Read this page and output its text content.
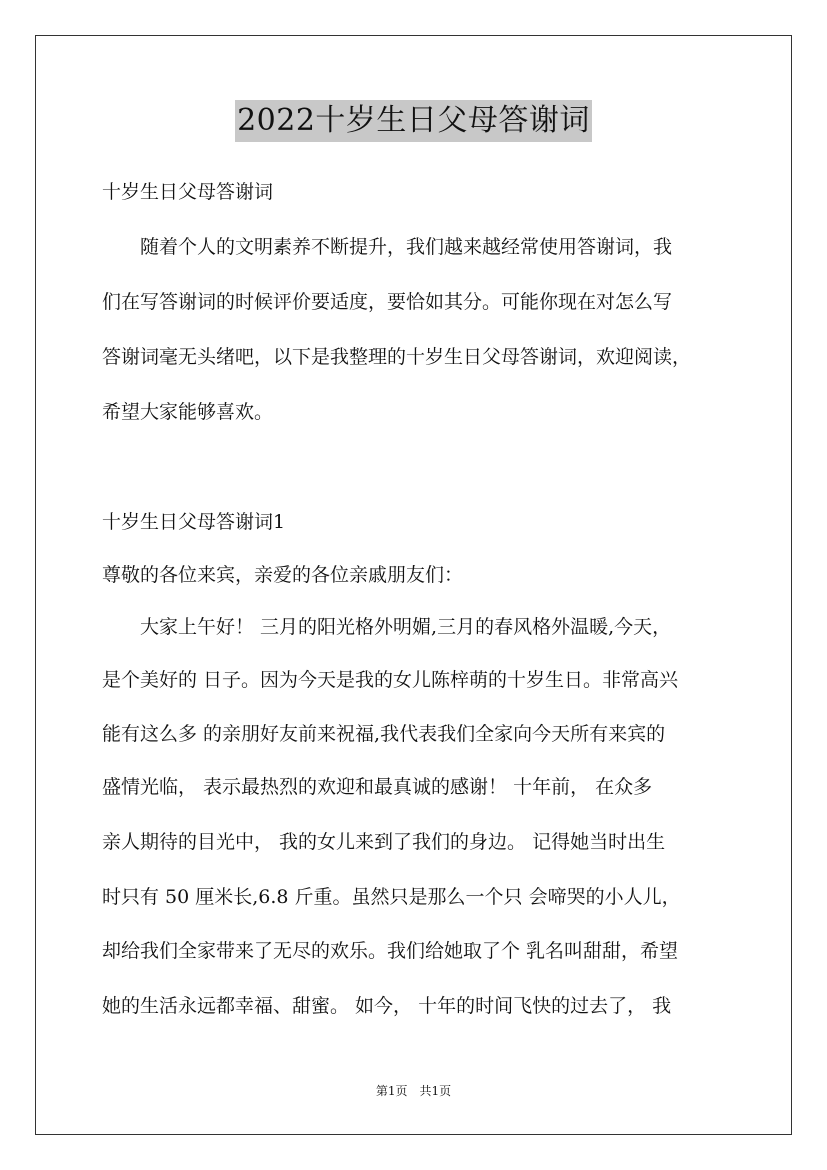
2022十岁生日父母答谢词
十岁生日父母答谢词
　　随着个人的文明素养不断提升，我们越来越经常使用答谢词，我
们在写答谢词的时候评价要适度，要恰如其分。可能你现在对怎么写
答谢词毫无头绪吧，以下是我整理的十岁生日父母答谢词，欢迎阅读，
希望大家能够喜欢。
十岁生日父母答谢词1
尊敬的各位来宾，亲爱的各位亲戚朋友们：
　　大家上午好！ 三月的阳光格外明媚,三月的春风格外温暖,今天，
是个美好的 日子。因为今天是我的女儿陈梓萌的十岁生日。非常高兴
能有这么多 的亲朋好友前来祝福,我代表我们全家向今天所有来宾的
盛情光临， 表示最热烈的欢迎和最真诚的感谢！ 十年前， 在众多
亲人期待的目光中， 我的女儿来到了我们的身边。 记得她当时出生
时只有 50 厘米长,6.8 斤重。虽然只是那么一个只 会啼哭的小人儿，
却给我们全家带来了无尽的欢乐。我们给她取了个 乳名叫甜甜，希望
她的生活永远都幸福、甜蜜。 如今， 十年的时间飞快的过去了， 我
第1页　共1页
